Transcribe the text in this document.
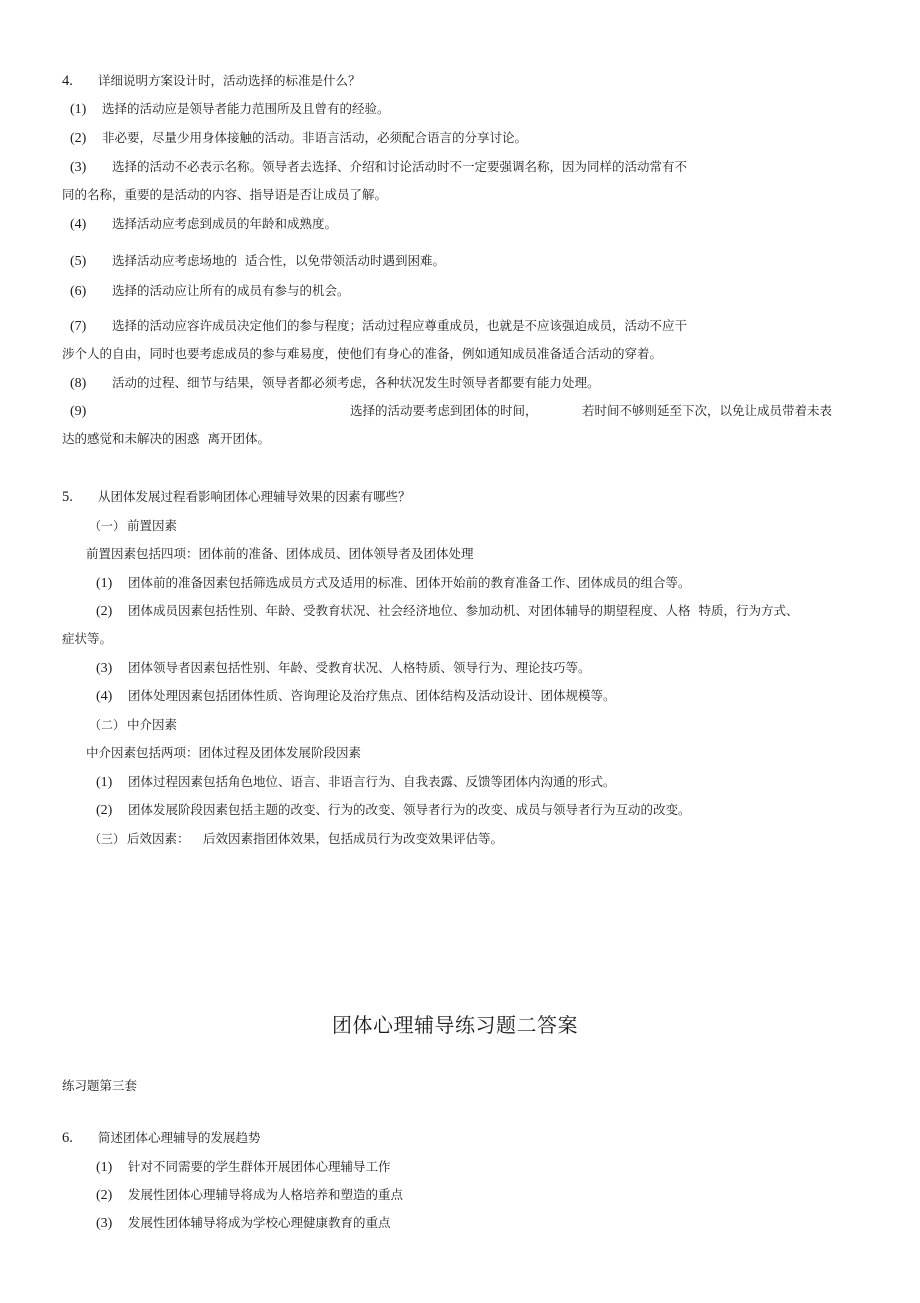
4. 详细说明方案设计时，活动选择的标准是什么？
(1) 选择的活动应是领导者能力范围所及且曾有的经验。
(2) 非必要，尽量少用身体接触的活动。非语言活动，必须配合语言的分享讨论。
(3) 选择的活动不必表示名称。领导者去选择、介绍和讨论活动时不一定要强调名称，因为同样的活动常有不
同的名称，重要的是活动的内容、指导语是否让成员了解。
(4) 选择活动应考虑到成员的年龄和成熟度。
(5) 选择活动应考虑场地的  适合性，以免带领活动时遇到困难。
(6) 选择的活动应让所有的成员有参与的机会。
(7) 选择的活动应容许成员决定他们的参与程度；活动过程应尊重成员，也就是不应该强迫成员，活动不应干
涉个人的自由，同时也要考虑成员的参与难易度，使他们有身心的准备，例如通知成员准备适合活动的穿着。
(8) 活动的过程、细节与结果，领导者都必须考虑，各种状况发生时领导者都要有能力处理。
(9)	选择的活动要考虑到团体的时间，	若时间不够则延至下次，以免让成员带着未表
达的感觉和未解决的困惑  离开团体。
5. 从团体发展过程看影响团体心理辅导效果的因素有哪些？
（一） 前置因素
前置因素包括四项：团体前的准备、团体成员、团体领导者及团体处理
(1) 团体前的准备因素包括筛选成员方式及适用的标准、团体开始前的教育准备工作、团体成员的组合等。
(2) 团体成员因素包括性别、年龄、受教育状况、社会经济地位、参加动机、对团体辅导的期望程度、人格  特质，行为方式、
症状等。
(3) 团体领导者因素包括性别、年龄、受教育状况、人格特质、领导行为、理论技巧等。
(4) 团体处理因素包括团体性质、咨询理论及治疗焦点、团体结构及活动设计、团体规模等。
（二） 中介因素
中介因素包括两项：团体过程及团体发展阶段因素
(1) 团体过程因素包括角色地位、语言、非语言行为、自我表露、反馈等团体内沟通的形式。
(2) 团体发展阶段因素包括主题的改变、行为的改变、领导者行为的改变、成员与领导者行为互动的改变。
（三） 后效因素： 后效因素指团体效果，包括成员行为改变效果评估等。
团体心理辅导练习题二答案
练习题第三套
6. 简述团体心理辅导的发展趋势
(1) 针对不同需要的学生群体开展团体心理辅导工作
(2) 发展性团体心理辅导将成为人格培养和塑造的重点
(3) 发展性团体辅导将成为学校心理健康教育的重点
